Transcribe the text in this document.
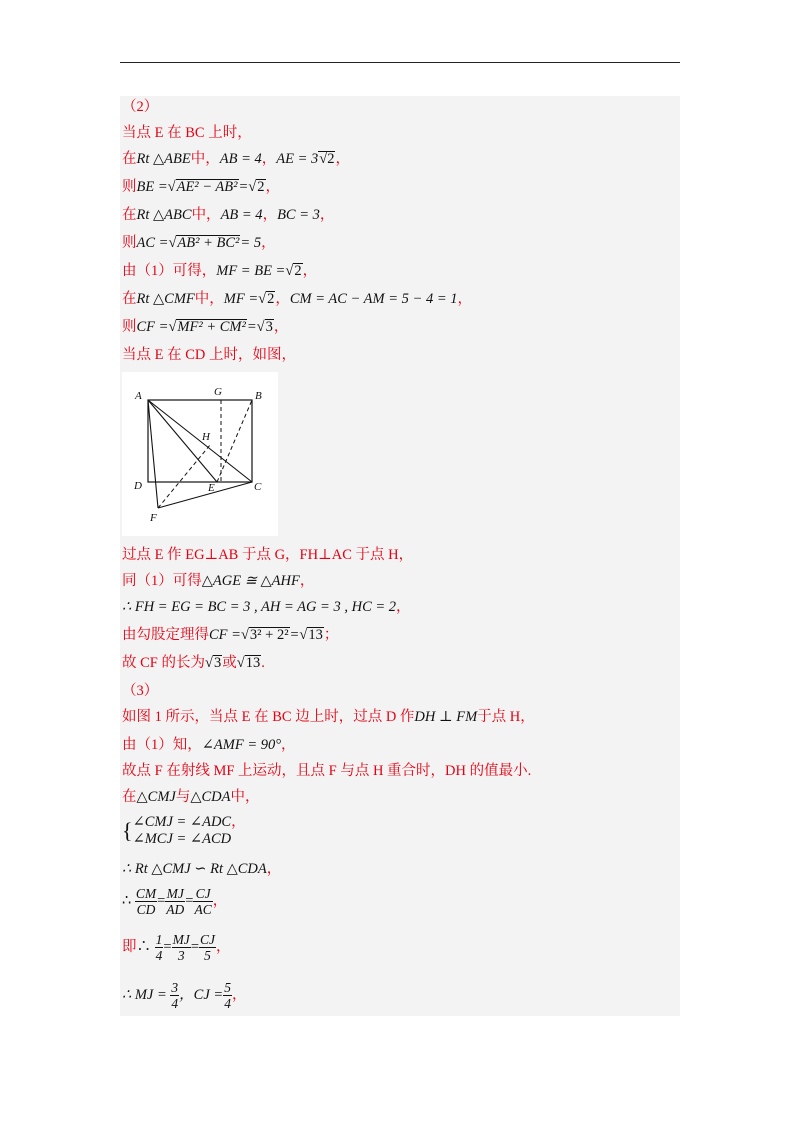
（2）
当点 E 在 BC 上时，
在Rt △ABE中，AB = 4，AE = 3√2，
则BE =√AE² − AB²=√2，
在Rt △ABC中，AB = 4，BC = 3，
则AC =√AB² + BC²= 5，
由（1）可得，MF = BE =√2，
在Rt △CMF中，MF =√2，CM = AC − AM = 5 − 4 = 1，
则CF =√MF² + CM²=√3，
当点 E 在 CD 上时，如图，
A	G	B
H
D	E	C
F
过点 E 作 EG⊥AB 于点 G，FH⊥AC 于点 H，
同（1）可得△AGE ≅ △AHF，
∴ FH = EG = BC = 3 , AH = AG = 3 , HC = 2，
由勾股定理得CF =√3² + 2²=√13；
故 CF 的长为√3或√13.
（3）
如图 1 所示，当点 E 在 BC 边上时，过点 D 作DH ⊥ FM于点 H，
由（1）知，∠AMF = 90°，
故点 F 在射线 MF 上运动，且点 F 与点 H 重合时，DH 的值最小.
在△CMJ与△CDA中，
{ ∠CMJ = ∠ADC
∠MCJ = ∠ACD
，
∴ Rt △CMJ ∽ Rt △CDA，
∴ $\frac{CM}{CD} = \frac{MJ}{AD} = \frac{CJ}{AC}$ ，
即∴ $\frac{1}{4} = \frac{MJ}{3} = \frac{CJ}{5}$ ，
∴ MJ = $\frac{3}{4}$ ，CJ = $\frac{5}{4}$ ，
